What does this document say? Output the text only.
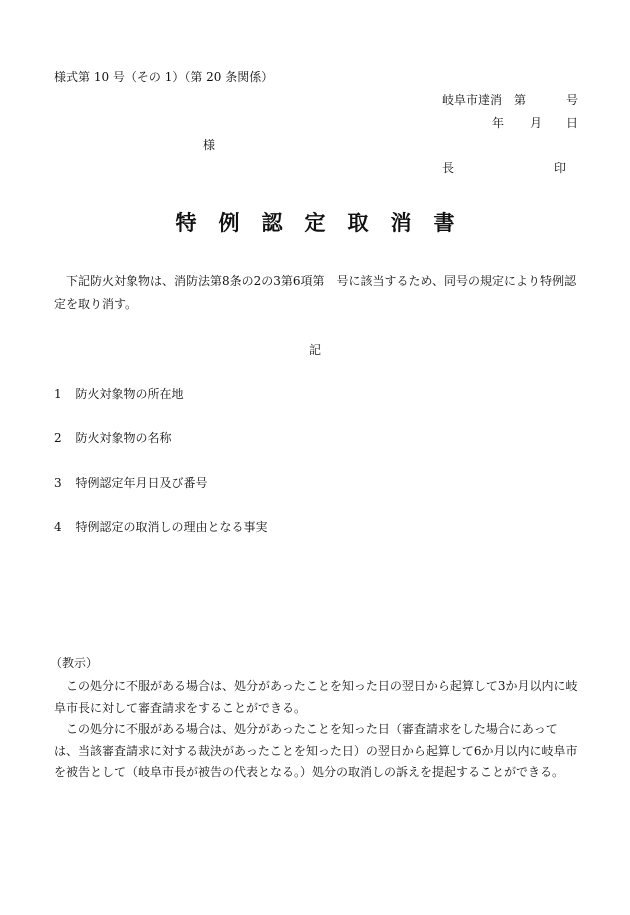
様式第 10 号（その 1）（第 20 条関係）
岐阜市達消　第	号
年 月 日
様
長	印
特例認定取消書
下記防火対象物は、消防法第8条の2の3第6項第　号に該当するため、同号の規定により特例認定を取り消す。
記
1 防火対象物の所在地
2 防火対象物の名称
3 特例認定年月日及び番号
4 特例認定の取消しの理由となる事実
（教示）
この処分に不服がある場合は、処分があったことを知った日の翌日から起算して3か月以内に岐阜市長に対して審査請求をすることができる。
この処分に不服がある場合は、処分があったことを知った日（審査請求をした場合にあっては、当該審査請求に対する裁決があったことを知った日）の翌日から起算して6か月以内に岐阜市を被告として（岐阜市長が被告の代表となる。）処分の取消しの訴えを提起することができる。
